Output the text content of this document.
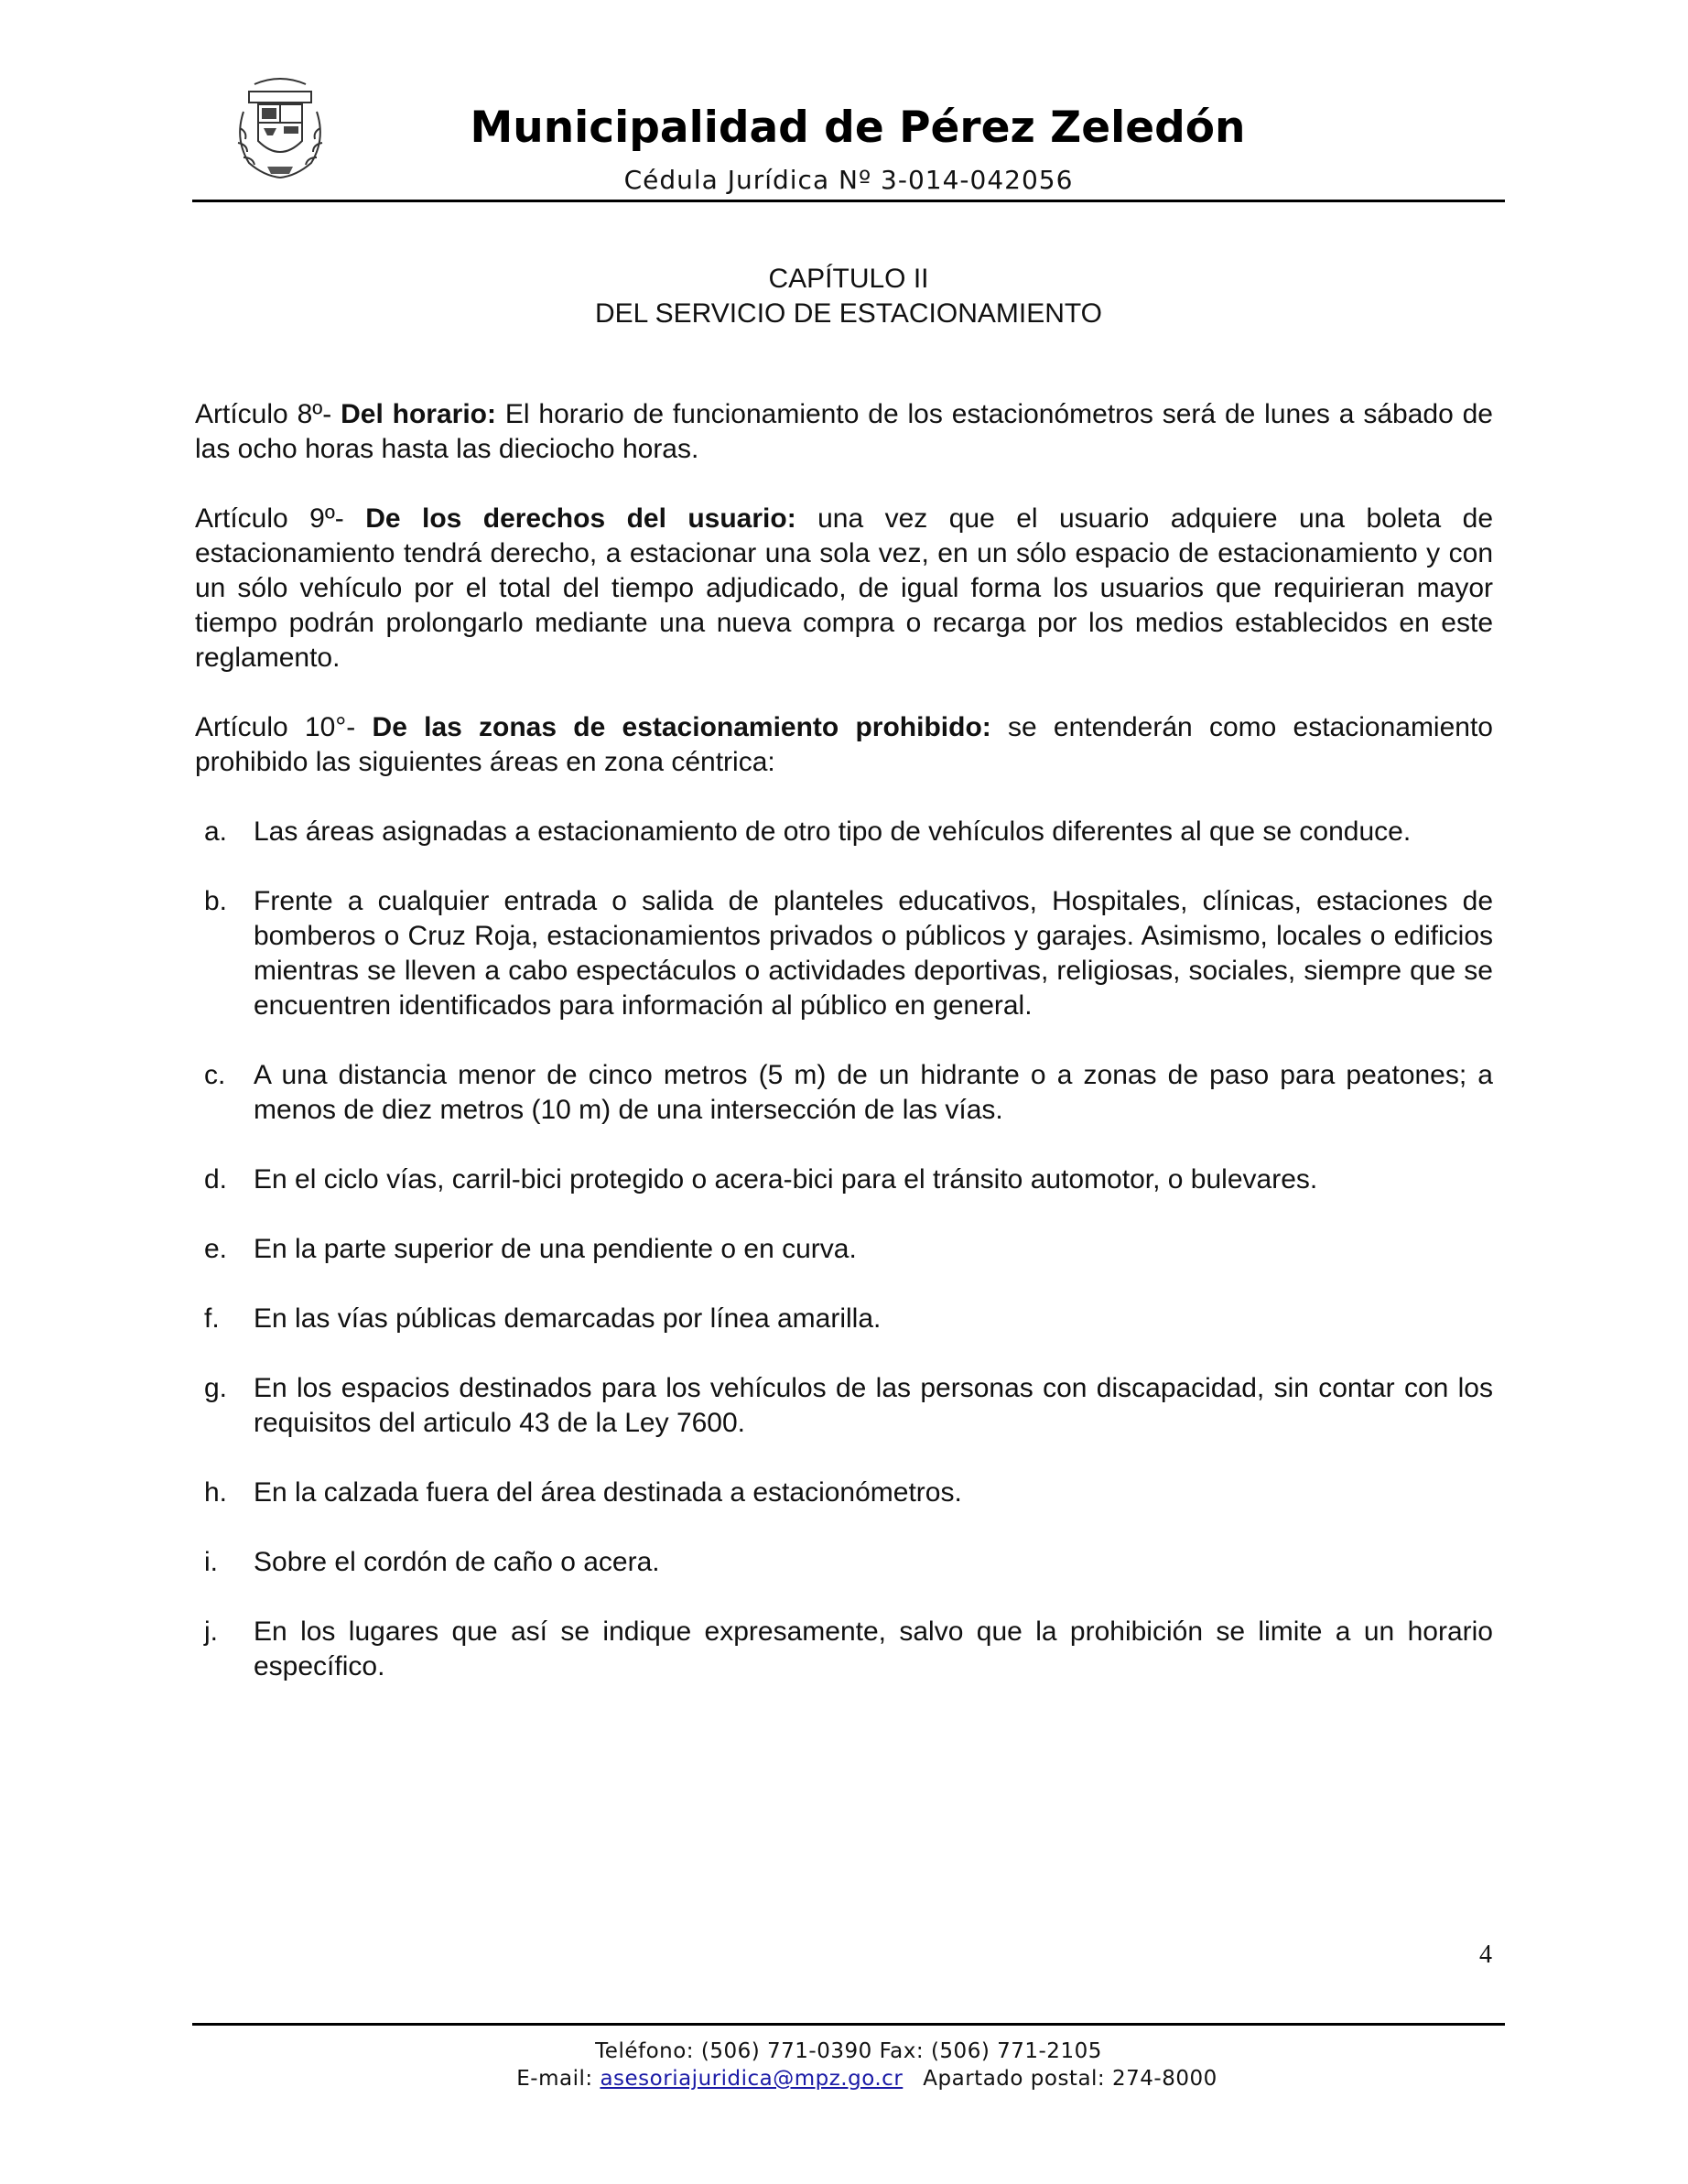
Municipalidad de Pérez Zeledón
Cédula Jurídica Nº 3-014-042056
CAPÍTULO II
DEL SERVICIO DE ESTACIONAMIENTO

Artículo 8º- Del horario: El horario de funcionamiento de los estacionómetros será de lunes a sábado de las ocho horas hasta las dieciocho horas.

Artículo 9º- De los derechos del usuario: una vez que el usuario adquiere una boleta de estacionamiento tendrá derecho, a estacionar una sola vez, en un sólo espacio de estacionamiento y con un sólo vehículo por el total del tiempo adjudicado, de igual forma los usuarios que requirieran mayor tiempo podrán prolongarlo mediante una nueva compra o recarga por los medios establecidos en este reglamento.

Artículo 10°- De las zonas de estacionamiento prohibido: se entenderán como estacionamiento prohibido las siguientes áreas en zona céntrica:

a. Las áreas asignadas a estacionamiento de otro tipo de vehículos diferentes al que se conduce.
b. Frente a cualquier entrada o salida de planteles educativos, Hospitales, clínicas, estaciones de bomberos o Cruz Roja, estacionamientos privados o públicos y garajes. Asimismo, locales o edificios mientras se lleven a cabo espectáculos o actividades deportivas, religiosas, sociales, siempre que se encuentren identificados para información al público en general.
c. A una distancia menor de cinco metros (5 m) de un hidrante o a zonas de paso para peatones; a menos de diez metros (10 m) de una intersección de las vías.
d. En el ciclo vías, carril-bici protegido o acera-bici para el tránsito automotor, o bulevares.
e. En la parte superior de una pendiente o en curva.
f. En las vías públicas demarcadas por línea amarilla.
g. En los espacios destinados para los vehículos de las personas con discapacidad, sin contar con los requisitos del articulo 43 de la Ley 7600.
h. En la calzada fuera del área destinada a estacionómetros.
i. Sobre el cordón de caño o acera.
j. En los lugares que así se indique expresamente, salvo que la prohibición se limite a un horario específico.
4
Teléfono: (506) 771-0390 Fax: (506) 771-2105
E-mail: asesoriajuridica@mpz.go.cr Apartado postal: 274-8000
